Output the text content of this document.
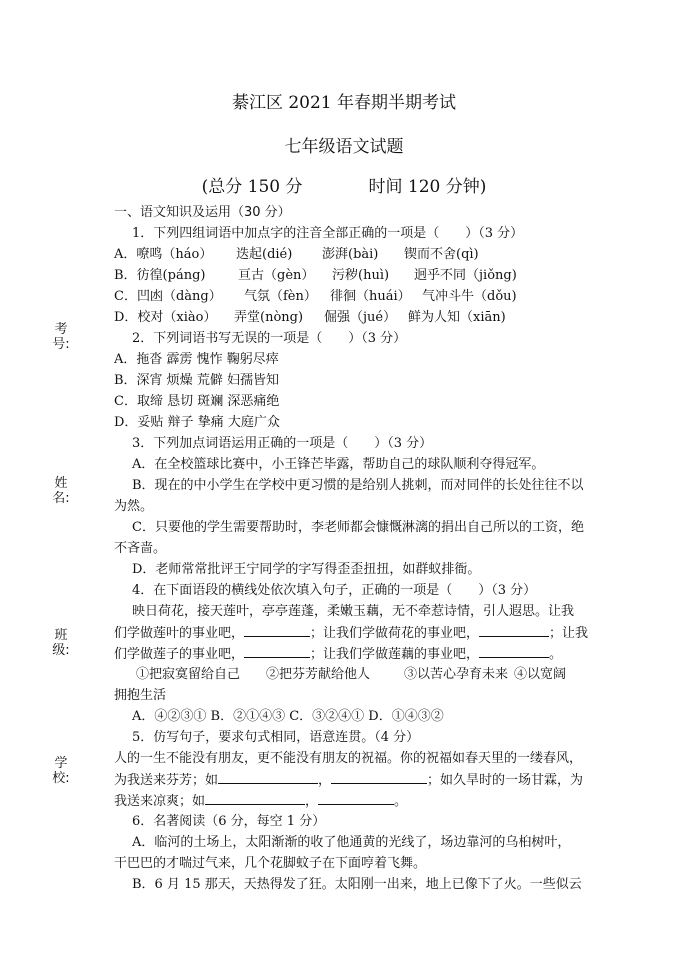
綦江区 2021 年春期半期考试
七年级语文试题
(总分 150 分	时间 120 分钟)
考号:
姓名:
班级:
学校:
一、语文知识及运用（30 分）
1．下列四组词语中加点字的注音全部正确的一项是（　　）（3 分）
A．嘹鸣（háo） 迭起(dié) 澎湃(bài) 锲而不舍(qì)
B．彷徨(páng)	亘古（gèn） 污秽(huì) 迥乎不同（jiǒng)
C．凹凼（dàng） 气氛（fèn） 徘徊（huái） 气冲斗牛（dǒu)
D．校对（xiào） 弄堂(nòng) 倔强（jué） 鲜为人知（xiān)
2．下列词语书写无误的一项是（　　）（3 分）
A．拖沓 霹雳 愧怍 鞠躬尽瘁
B．深宵 烦燥 荒僻 妇孺皆知
C．取缔 恳切 斑斓 深恶痛绝
D．妥贴 辩子 挚痛 大庭广众
3．下列加点词语运用正确的一项是（　　）（3 分）
A．在全校篮球比赛中，小王锋芒毕露，帮助自己的球队顺利夺得冠军。
B．现在的中小学生在学校中更习惯的是给别人挑刺，而对同伴的长处往往不以
为然。
C．只要他的学生需要帮助时，李老师都会慷慨淋漓的捐出自己所以的工资，绝
不吝啬。
D．老师常常批评王宁同学的字写得歪歪扭扭，如群蚁排衙。
4．在下面语段的横线处依次填入句子，正确的一项是（　　）（3 分）
映日荷花，接天莲叶，亭亭莲蓬，柔嫩玉藕，无不牵惹诗情，引人遐思。让我
们学做莲叶的事业吧，	；让我们学做荷花的事业吧，	；让我
们学做莲子的事业吧，	；让我们学做莲藕的事业吧，	。
①把寂寞留给自己 ②把芬芳献给他人	③以苦心孕育未来 ④以宽阔
拥抱生活
A．④②③① B．②①④③ C．③②④① D．①④③②
5．仿写句子，要求句式相同，语意连贯。（4 分）
人的一生不能没有朋友，更不能没有朋友的祝福。你的祝福如春天里的一缕春风，
为我送来芬芳；如	，	；如久旱时的一场甘霖，为
我送来凉爽；如	，	。
6．名著阅读（6 分，每空 1 分）
A．临河的土场上，太阳渐渐的收了他通黄的光线了，场边靠河的乌桕树叶，
干巴巴的才喘过气来，几个花脚蚊子在下面哼着飞舞。
B．6 月 15 那天，天热得发了狂。太阳刚一出来，地上已像下了火。一些似云
